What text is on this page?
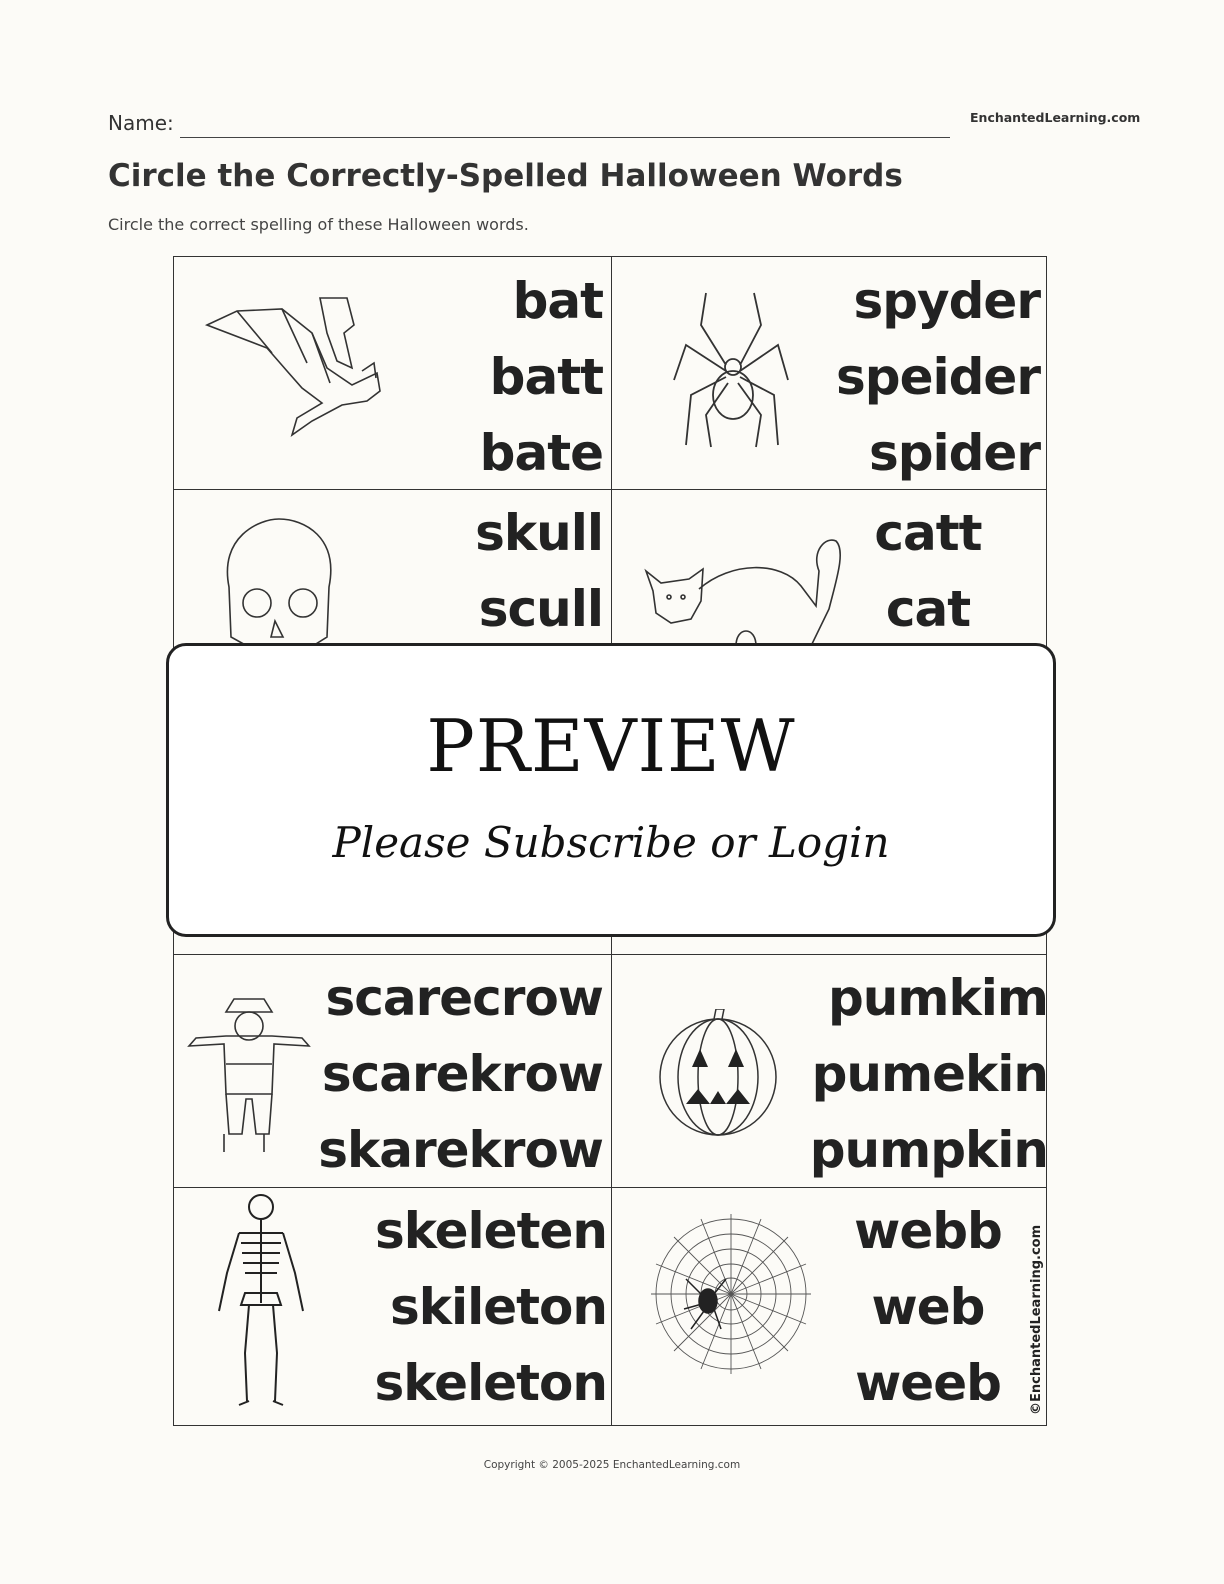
Name:	EnchantedLearning.com
Circle the Correctly-Spelled Halloween Words
Circle the correct spelling of these Halloween words.
bat
batt
bate
spyder
speider
spider
skull
scull
catt
cat
scarecrow
scarekrow
skarekrow
pumkim
pumekin
pumpkin
skeleten
skileton
skeleton
webb
web
weeb	©EnchantedLearning.com
PREVIEW
Please Subscribe or Login
Copyright © 2005-2025 EnchantedLearning.com
